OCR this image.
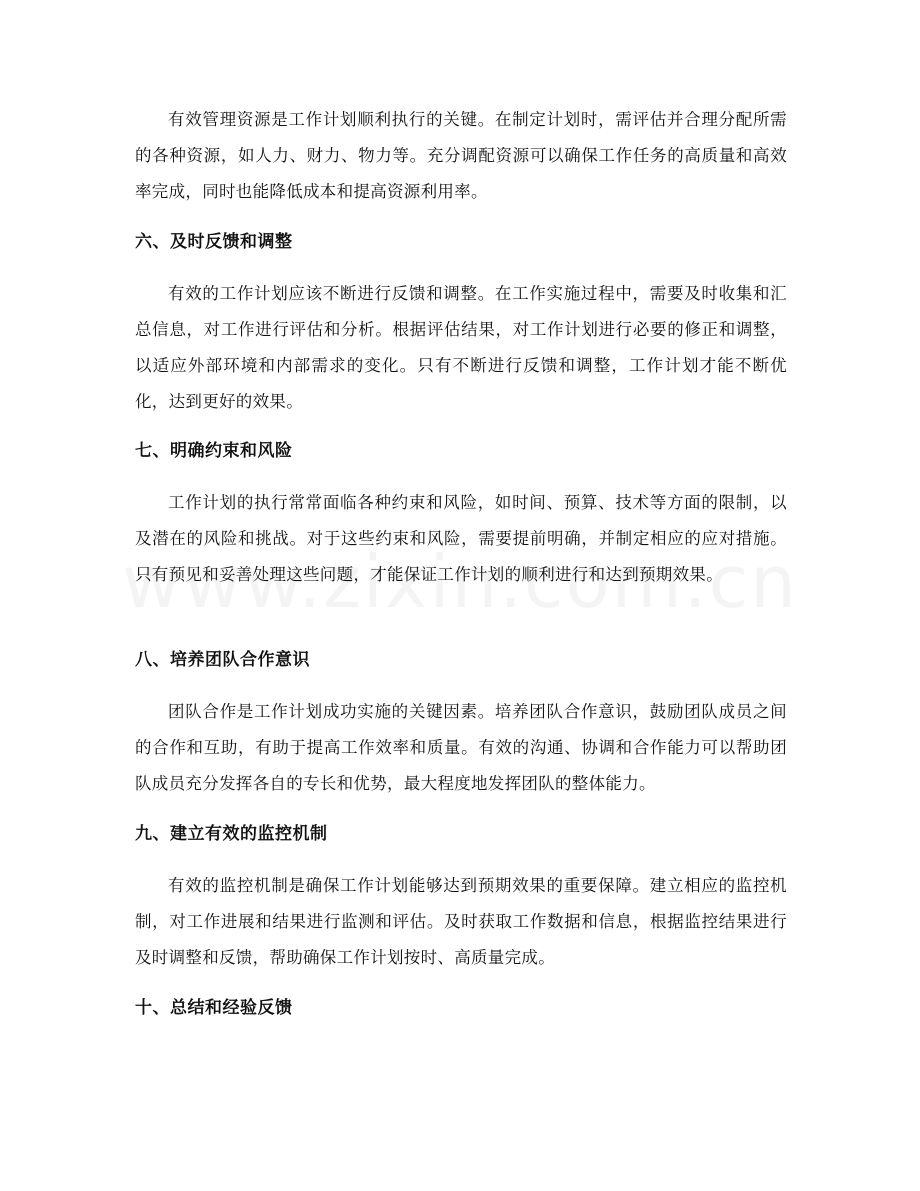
有效管理资源是工作计划顺利执行的关键。在制定计划时，需评估并合理分配所需的各种资源，如人力、财力、物力等。充分调配资源可以确保工作任务的高质量和高效率完成，同时也能降低成本和提高资源利用率。

六、及时反馈和调整

有效的工作计划应该不断进行反馈和调整。在工作实施过程中，需要及时收集和汇总信息，对工作进行评估和分析。根据评估结果，对工作计划进行必要的修正和调整，以适应外部环境和内部需求的变化。只有不断进行反馈和调整，工作计划才能不断优化，达到更好的效果。

七、明确约束和风险

工作计划的执行常常面临各种约束和风险，如时间、预算、技术等方面的限制，以及潜在的风险和挑战。对于这些约束和风险，需要提前明确，并制定相应的应对措施。只有预见和妥善处理这些问题，才能保证工作计划的顺利进行和达到预期效果。

八、培养团队合作意识

团队合作是工作计划成功实施的关键因素。培养团队合作意识，鼓励团队成员之间的合作和互助，有助于提高工作效率和质量。有效的沟通、协调和合作能力可以帮助团队成员充分发挥各自的专长和优势，最大程度地发挥团队的整体能力。

九、建立有效的监控机制

有效的监控机制是确保工作计划能够达到预期效果的重要保障。建立相应的监控机制，对工作进展和结果进行监测和评估。及时获取工作数据和信息，根据监控结果进行及时调整和反馈，帮助确保工作计划按时、高质量完成。

十、总结和经验反馈
